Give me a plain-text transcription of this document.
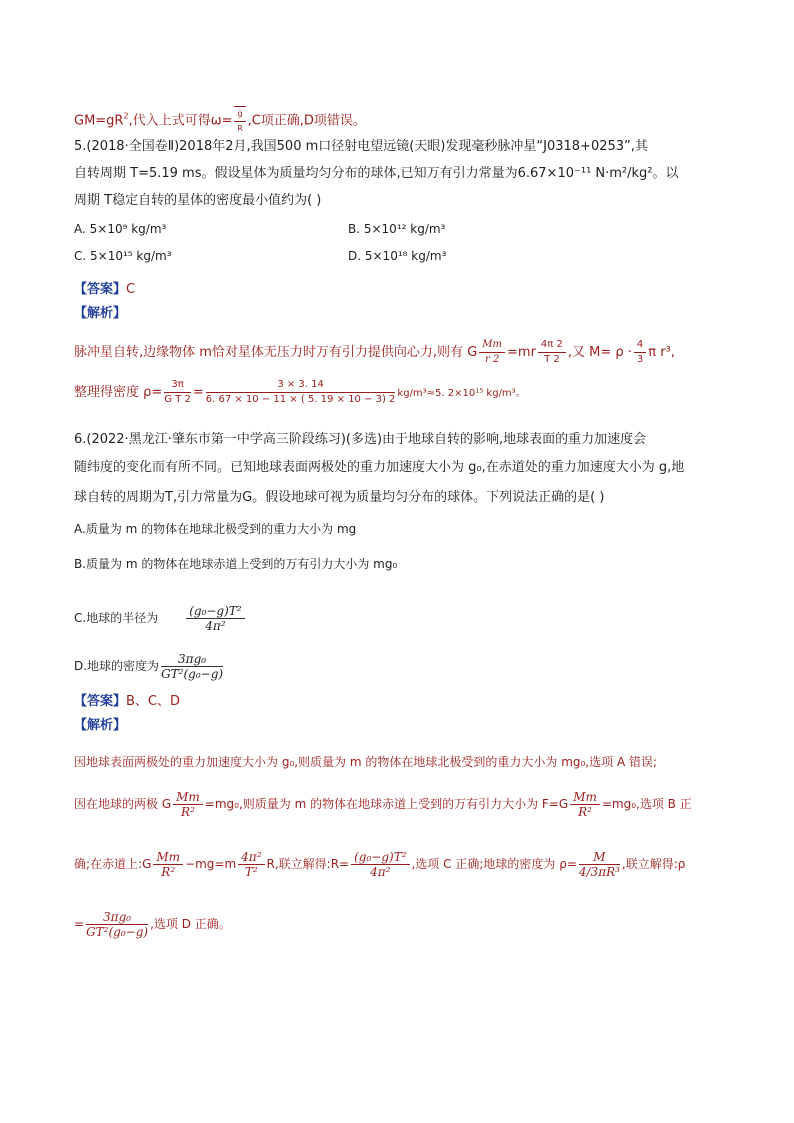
$GM=gR^2$,代入上式可得$\omega= \frac{g}{R} ,C$项正确,D项错误。
5.(2018·全国卷Ⅱ)2018年2月,我国500 m口径射电望远镜(天眼)发现毫秒脉冲星“J0318+0253”,其
自转周期 T=5.19 ms。假设星体为质量均匀分布的球体,已知万有引力常量为6.67×10⁻¹¹ N·m²/kg²。以
周期 T稳定自转的星体的密度最小值约为( )
A. 5×10⁹ kg/m³	B. 5×10¹² kg/m³
C. 5×10¹⁵ kg/m³	D. 5×10¹⁸ kg/m³
【答案】C
【解析】
脉冲星自转,边缘物体 m恰对星体无压力时万有引力提供向心力,则有 G $\frac{Mm}{r 2} =mr \frac{4\pi 2}{T 2}$ ,又 $M= \rho \cdot \frac{4}{3}$ π r³,
整理得密度 $\rho= \frac{3\pi}{\text{G T 2}} = \frac{3 \times 3. 14}{6. 67 \times 10 - 11 \times ( 5. 19 \times 10 - 3) 2} kg/m^3\approx 5$. 2×10¹⁵ kg/m³。
6.(2022·黑龙江·肇东市第一中学高三阶段练习)(多选)由于地球自转的影响,地球表面的重力加速度会
随纬度的变化而有所不同。已知地球表面两极处的重力加速度大小为 g₀,在赤道处的重力加速度大小为 g,地
球自转的周期为T,引力常量为G。假设地球可视为质量均匀分布的球体。下列说法正确的是( )
A.质量为 m 的物体在地球北极受到的重力大小为 mg
B.质量为 m 的物体在地球赤道上受到的万有引力大小为 mg₀
C.地球的半径为 $\frac{\text{(g₀−g)T²}}{\text{4π²}}$
D.地球的密度为 $\frac{\text{3πg₀}}{\text{GT²(g₀−g)}}$
【答案】B、C、D
【解析】
因地球表面两极处的重力加速度大小为 g₀,则质量为 m 的物体在地球北极受到的重力大小为 mg₀,选项 A 错误;
因在地球的两极 G $\frac{Mm}{\text{R²}} =mg_0$,则质量为 m 的物体在地球赤道上受到的万有引力大小为 $F=G \frac{Mm}{\text{R²}} =mg_0$,选项 B 正
确;在赤道上:G $\frac{Mm}{\text{R²}} -mg=m \frac{\text{4π²}}{\text{T²}} R$,联立解得:R= $\frac{\text{(g₀−g)T²}}{\text{4π²}}$ ,选项 C 正确;地球的密度为 $\rho= \frac{M}{\text{4/3πR³}}$ ,联立解得:ρ
= $\frac{\text{3πg₀}}{\text{GT²(g₀−g)}}$ ,选项 D 正确。
